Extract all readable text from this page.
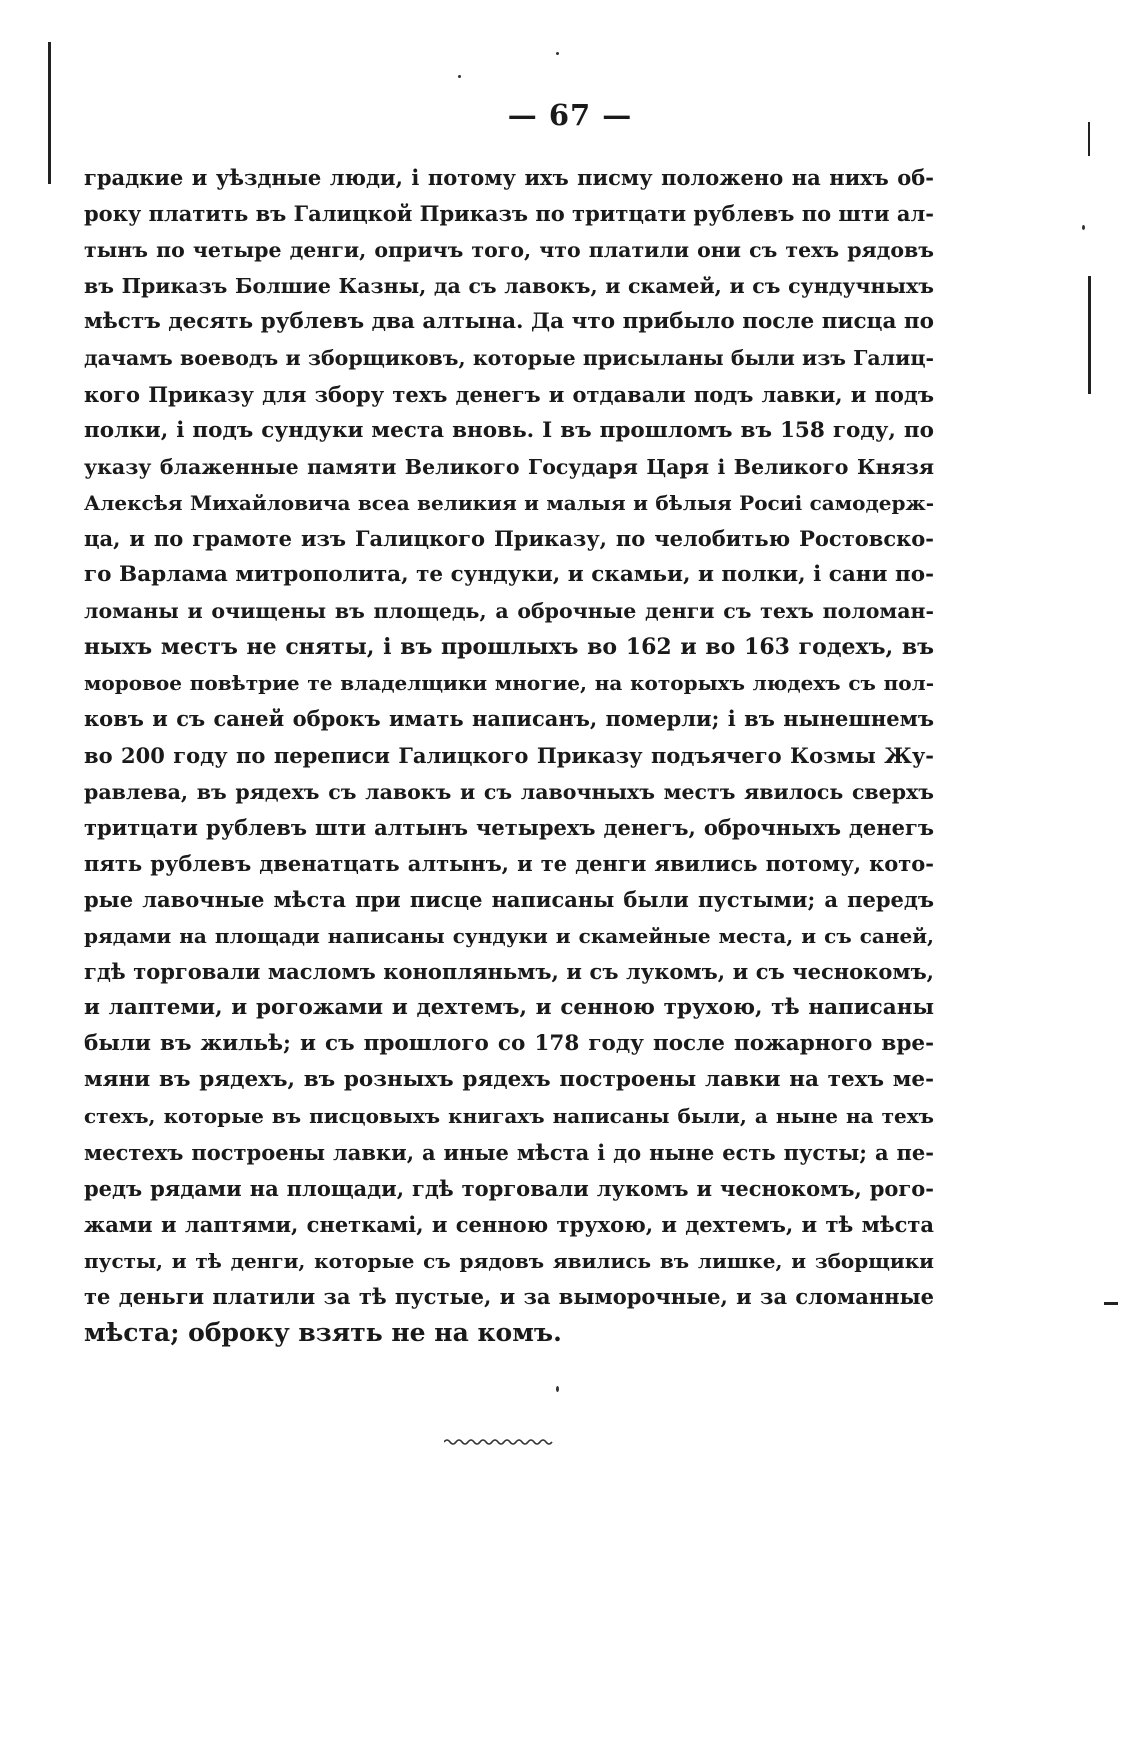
— 67 —
градкие и уѣздные люди, і потому ихъ писму положено на нихъ об-
року платить въ Галицкой Приказъ по тритцати рублевъ по шти ал-
тынъ по четыре денги, опричъ того, что платили они съ техъ рядовъ
въ Приказъ Болшие Казны, да съ лавокъ, и скамей, и съ сундучныхъ
мѣстъ десять рублевъ два алтына. Да что прибыло после писца по
дачамъ воеводъ и зборщиковъ, которые присыланы были изъ Галиц-
кого Приказу для збору техъ денегъ и отдавали подъ лавки, и подъ
полки, і подъ сундуки места вновь. І въ прошломъ въ 158 году, по
указу блаженные памяти Великого Государя Царя і Великого Князя
Алексѣя Михайловича всеа великия и малыя и бѣлыя Росиі самодерж-
ца, и по грамоте изъ Галицкого Приказу, по челобитью Ростовско-
го Варлама митрополита, те сундуки, и скамьи, и полки, і сани по-
ломаны и очищены въ площедь, а оброчные денги съ техъ поломан-
ныхъ местъ не сняты, і въ прошлыхъ во 162 и во 163 годехъ, въ
моровое повѣтрие те владелщики многие, на которыхъ людехъ съ пол-
ковъ и съ саней оброкъ имать написанъ, померли; і въ нынешнемъ
во 200 году по переписи Галицкого Приказу подъячего Козмы Жу-
равлева, въ рядехъ съ лавокъ и съ лавочныхъ местъ явилось сверхъ
тритцати рублевъ шти алтынъ четырехъ денегъ, оброчныхъ денегъ
пять рублевъ двенатцать алтынъ, и те денги явились потому, кото-
рые лавочные мѣста при писце написаны были пустыми; а передъ
рядами на площади написаны сундуки и скамейные места, и съ саней,
гдѣ торговали масломъ конопляньмъ, и съ лукомъ, и съ чеснокомъ,
и лаптеми, и рогожами и дехтемъ, и сенною трухою, тѣ написаны
были въ жильѣ; и съ прошлого со 178 году после пожарного вре-
мяни въ рядехъ, въ розныхъ рядехъ построены лавки на техъ ме-
стехъ, которые въ писцовыхъ книгахъ написаны были, а ныне на техъ
местехъ построены лавки, а иные мѣста і до ныне есть пусты; а пе-
редъ рядами на площади, гдѣ торговали лукомъ и чеснокомъ, рого-
жами и лаптями, снеткамі, и сенною трухою, и дехтемъ, и тѣ мѣста
пусты, и тѣ денги, которые съ рядовъ явились въ лишке, и зборщики
те деньги платили за тѣ пустые, и за выморочные, и за сломанные
мѣста; оброку взять не на комъ.
